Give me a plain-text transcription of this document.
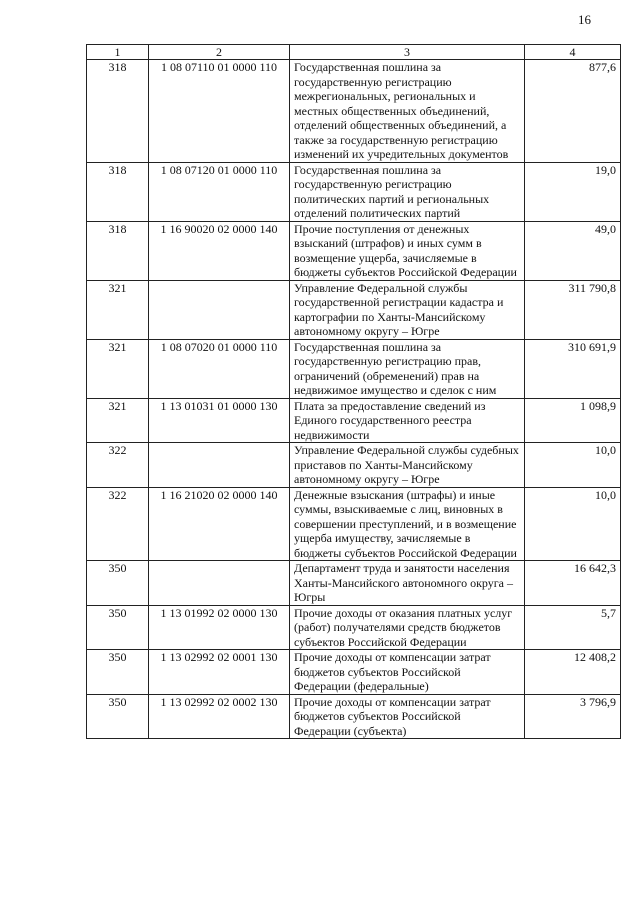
16
1	2	3	4
318	1 08 07110 01 0000 110	Государственная пошлина за государственную регистрацию межрегиональных, региональных и местных общественных объединений, отделений общественных объединений, а также за государственную регистрацию изменений их учредительных документов	877,6
318	1 08 07120 01 0000 110	Государственная пошлина за государственную регистрацию политических партий и региональных отделений политических партий	19,0
318	1 16 90020 02 0000 140	Прочие поступления от денежных взысканий (штрафов) и иных сумм в возмещение ущерба, зачисляемые в бюджеты субъектов Российской Федерации	49,0
321		Управление Федеральной службы государственной регистрации кадастра и картографии по Ханты-Мансийскому автономному округу – Югре	311 790,8
321	1 08 07020 01 0000 110	Государственная пошлина за государственную регистрацию прав, ограничений (обременений) прав на недвижимое имущество и сделок с ним	310 691,9
321	1 13 01031 01 0000 130	Плата за предоставление сведений из Единого государственного реестра недвижимости	1 098,9
322		Управление Федеральной службы судебных приставов по Ханты-Мансийскому автономному округу – Югре	10,0
322	1 16 21020 02 0000 140	Денежные взыскания (штрафы) и иные суммы, взыскиваемые с лиц, виновных в совершении преступлений, и в возмещение ущерба имуществу, зачисляемые в бюджеты субъектов Российской Федерации	10,0
350		Департамент труда и занятости населения Ханты-Мансийского автономного округа – Югры	16 642,3
350	1 13 01992 02 0000 130	Прочие доходы от оказания платных услуг (работ) получателями средств бюджетов субъектов Российской Федерации	5,7
350	1 13 02992 02 0001 130	Прочие доходы от компенсации затрат бюджетов субъектов Российской Федерации (федеральные)	12 408,2
350	1 13 02992 02 0002 130	Прочие доходы от компенсации затрат бюджетов субъектов Российской Федерации (субъекта)	3 796,9
